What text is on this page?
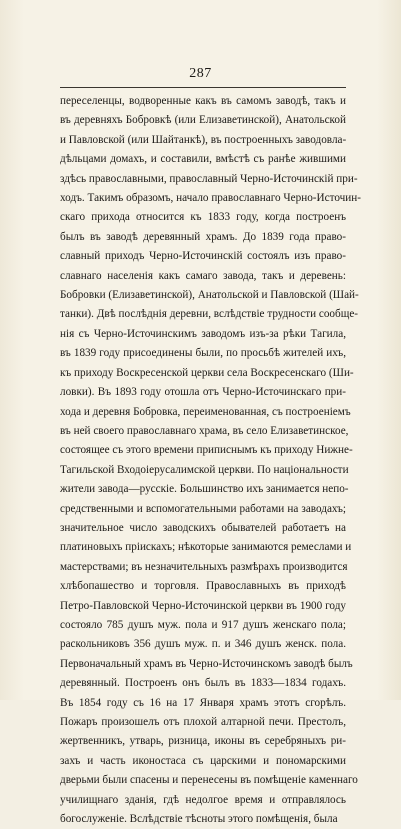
287
переселенцы, водворенные какъ въ самомъ заводѣ, такъ и
въ деревняхъ Бобровкѣ (или Елизаветинской), Анатольской
и Павловской (или Шайтанкѣ), въ построенныхъ заводовла-
дѣльцами домахъ, и составили, вмѣстѣ съ ранѣе жившими
здѣсь православными, православный Черно-Источинскiй при-
ходъ. Такимъ образомъ, начало православнаго Черно-Источин-
скаго прихода относится къ 1833 году, когда построенъ
былъ въ заводѣ деревянный храмъ. До 1839 года право-
славный приходъ Черно-Источинскiй состоялъ изъ право-
славнаго населенiя какъ самаго завода, такъ и деревень:
Бобровки (Елизаветинской), Анатольской и Павловской (Шай-
танки). Двѣ послѣднiя деревни, вслѣдствiе трудности сообще-
нiя съ Черно-Источинскимъ заводомъ изъ-за рѣки Тагила,
въ 1839 году присоединены были, по просьбѣ жителей ихъ,
къ приходу Воскресенской церкви села Воскресенскаго (Ши-
ловки). Въ 1893 году отошла отъ Черно-Источинскаго при-
хода и деревня Бобровка, переименованная, съ построенiемъ
въ ней своего православнаго храма, въ село Елизаветинское,
состоящее съ этого времени приписнымъ къ приходу Нижне-
Тагильской Входоiерусалимской церкви. По національности
жители завода—русскiе. Большинство ихъ занимается непо-
средственными и вспомогательными работами на заводахъ;
значительное число заводскихъ обывателей работаетъ на
платиновыхъ прiискахъ; нѣкоторые занимаются ремеслами и
мастерствами; въ незначительныхъ размѣрахъ производится
хлѣбопашество и торговля. Православныхъ въ приходѣ
Петро-Павловской Черно-Источинской церкви въ 1900 году
состояло 785 душъ муж. пола и 917 душъ женскаго пола;
раскольниковъ 356 душъ муж. п. и 346 душъ женск. пола.
Первоначальный храмъ въ Черно-Источинскомъ заводѣ былъ
деревянный. Построенъ онъ былъ въ 1833—1834 годахъ.
Въ 1854 году съ 16 на 17 Января храмъ этотъ сгорѣлъ.
Пожаръ произошелъ отъ плохой алтарной печи. Престолъ,
жертвенникъ, утварь, ризница, иконы въ серебряныхъ ри-
захъ и часть иконостаса съ царскими и пономарскими
дверьми были спасены и перенесены въ помѣщенiе каменнаго
училищнаго зданiя, гдѣ недолгое время и отправлялось
богослуженiе. Вслѣдствiе тѣсноты этого помѣщенiя, была
